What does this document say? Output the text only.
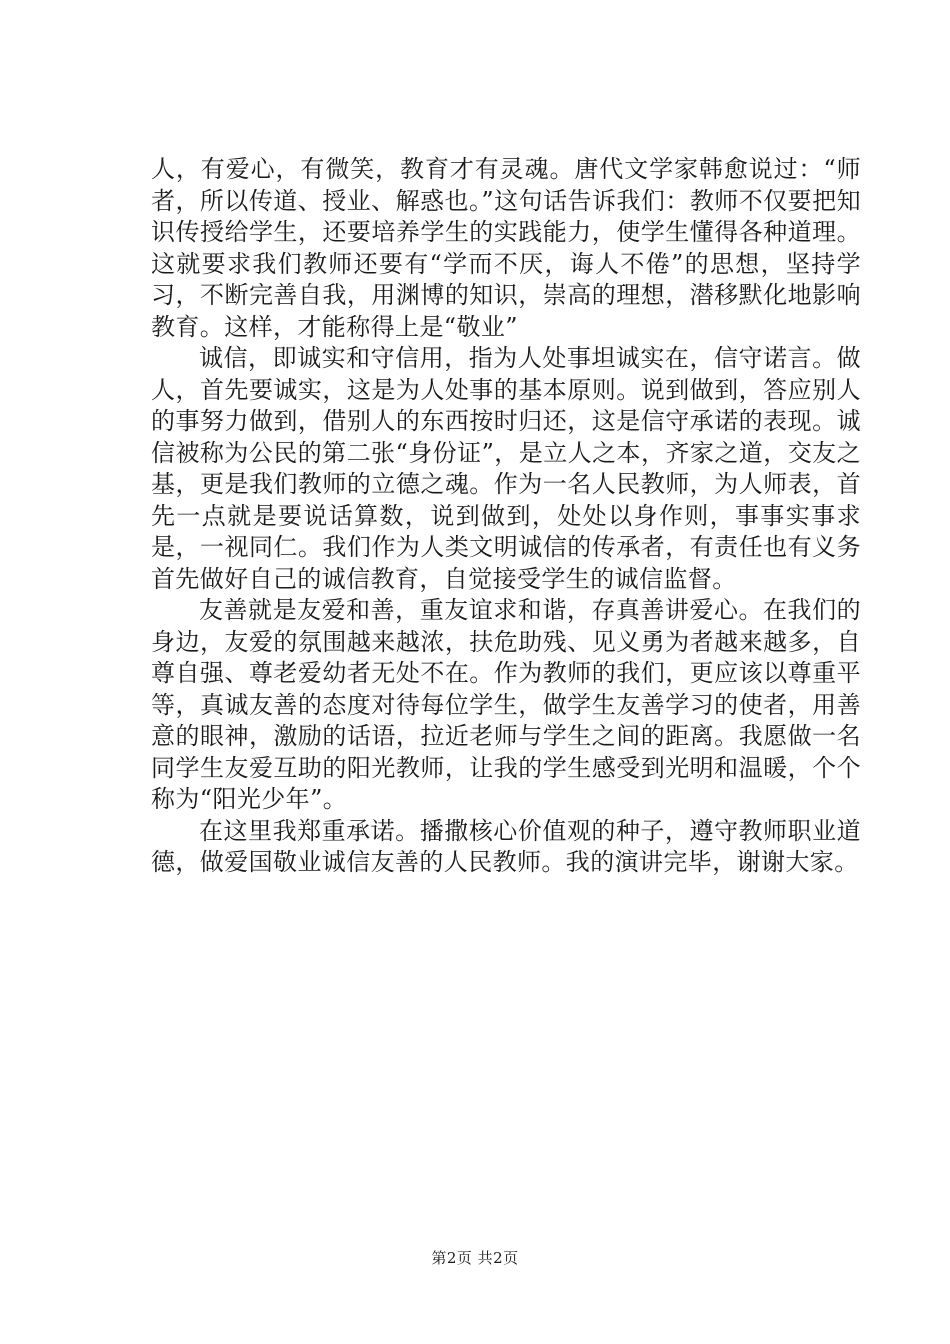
人，有爱心，有微笑，教育才有灵魂。唐代文学家韩愈说过：“师者，所以传道、授业、解惑也。”这句话告诉我们：教师不仅要把知识传授给学生，还要培养学生的实践能力，使学生懂得各种道理。这就要求我们教师还要有“学而不厌，诲人不倦”的思想，坚持学习，不断完善自我，用渊博的知识，崇高的理想，潜移默化地影响教育。这样，才能称得上是“敬业”

诚信，即诚实和守信用，指为人处事坦诚实在，信守诺言。做人，首先要诚实，这是为人处事的基本原则。说到做到，答应别人的事努力做到，借别人的东西按时归还，这是信守承诺的表现。诚信被称为公民的第二张“身份证”，是立人之本，齐家之道，交友之基，更是我们教师的立德之魂。作为一名人民教师，为人师表，首先一点就是要说话算数，说到做到，处处以身作则，事事实事求是，一视同仁。我们作为人类文明诚信的传承者，有责任也有义务首先做好自己的诚信教育，自觉接受学生的诚信监督。

友善就是友爱和善，重友谊求和谐，存真善讲爱心。在我们的身边，友爱的氛围越来越浓，扶危助残、见义勇为者越来越多，自尊自强、尊老爱幼者无处不在。作为教师的我们，更应该以尊重平等，真诚友善的态度对待每位学生，做学生友善学习的使者，用善意的眼神，激励的话语，拉近老师与学生之间的距离。我愿做一名同学生友爱互助的阳光教师，让我的学生感受到光明和温暖，个个称为“阳光少年”。

在这里我郑重承诺。播撒核心价值观的种子，遵守教师职业道德，做爱国敬业诚信友善的人民教师。我的演讲完毕，谢谢大家。

第2页 共2页
